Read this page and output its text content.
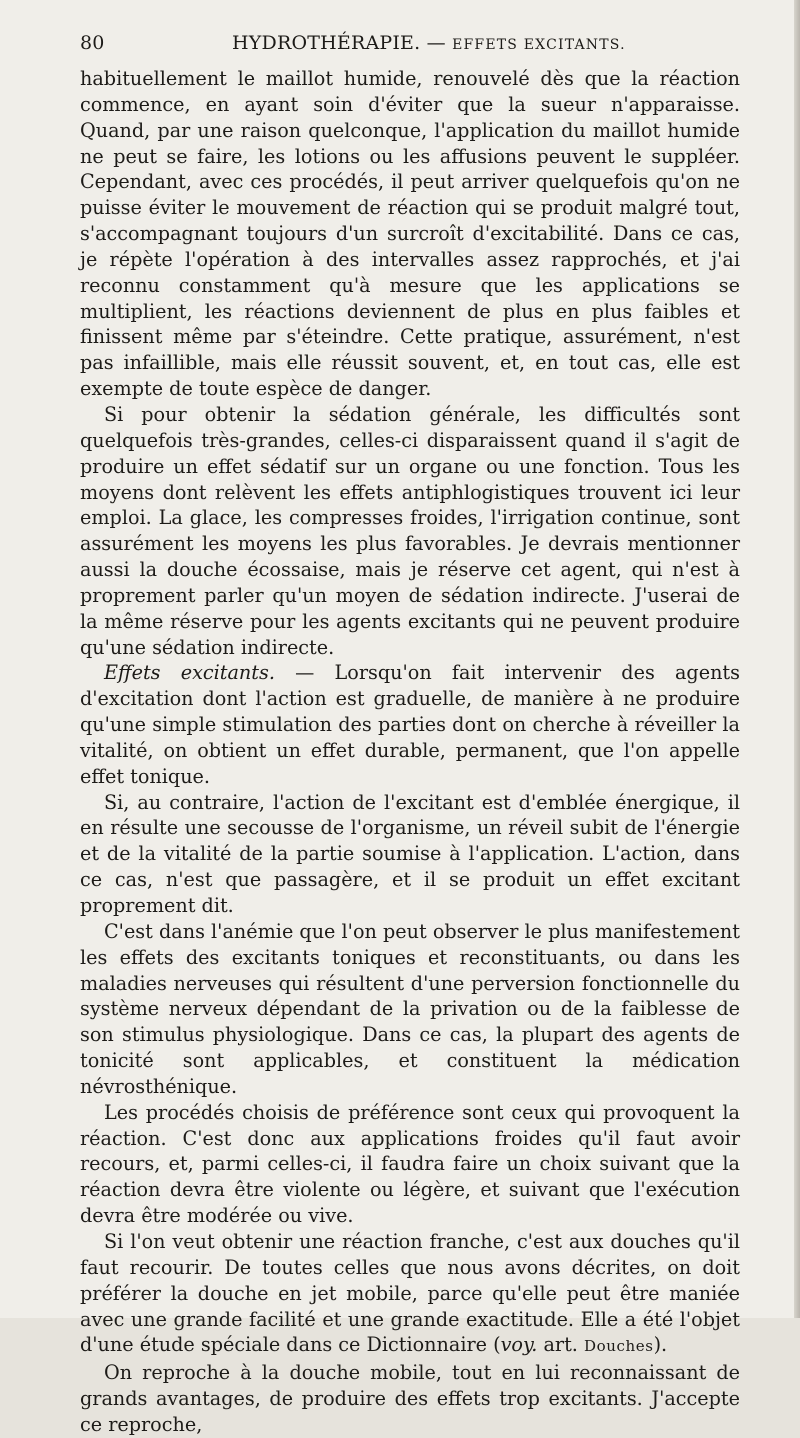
80	HYDROTHÉRAPIE. — EFFETS EXCITANTS.

habituellement le maillot humide, renouvelé dès que la réaction commence, en ayant soin d'éviter que la sueur n'apparaisse. Quand, par une raison quelconque, l'application du maillot humide ne peut se faire, les lotions ou les affusions peuvent le suppléer. Cependant, avec ces procédés, il peut arriver quelquefois qu'on ne puisse éviter le mouvement de réaction qui se produit malgré tout, s'accompagnant toujours d'un surcroît d'excitabilité. Dans ce cas, je répète l'opération à des intervalles assez rapprochés, et j'ai reconnu constamment qu'à mesure que les applications se multiplient, les réactions deviennent de plus en plus faibles et finissent même par s'éteindre. Cette pratique, assurément, n'est pas infaillible, mais elle réussit souvent, et, en tout cas, elle est exempte de toute espèce de danger.

Si pour obtenir la sédation générale, les difficultés sont quelquefois très-grandes, celles-ci disparaissent quand il s'agit de produire un effet sédatif sur un organe ou une fonction. Tous les moyens dont relèvent les effets antiphlogistiques trouvent ici leur emploi. La glace, les compresses froides, l'irrigation continue, sont assurément les moyens les plus favorables. Je devrais mentionner aussi la douche écossaise, mais je réserve cet agent, qui n'est à proprement parler qu'un moyen de sédation indirecte. J'userai de la même réserve pour les agents excitants qui ne peuvent produire qu'une sédation indirecte.

Effets excitants. — Lorsqu'on fait intervenir des agents d'excitation dont l'action est graduelle, de manière à ne produire qu'une simple stimulation des parties dont on cherche à réveiller la vitalité, on obtient un effet durable, permanent, que l'on appelle effet tonique.

Si, au contraire, l'action de l'excitant est d'emblée énergique, il en résulte une secousse de l'organisme, un réveil subit de l'énergie et de la vitalité de la partie soumise à l'application. L'action, dans ce cas, n'est que passagère, et il se produit un effet excitant proprement dit.

C'est dans l'anémie que l'on peut observer le plus manifestement les effets des excitants toniques et reconstituants, ou dans les maladies nerveuses qui résultent d'une perversion fonctionnelle du système nerveux dépendant de la privation ou de la faiblesse de son stimulus physiologique. Dans ce cas, la plupart des agents de tonicité sont applicables, et constituent la médication névrosthénique.

Les procédés choisis de préférence sont ceux qui provoquent la réaction. C'est donc aux applications froides qu'il faut avoir recours, et, parmi celles-ci, il faudra faire un choix suivant que la réaction devra être violente ou légère, et suivant que l'exécution devra être modérée ou vive.

Si l'on veut obtenir une réaction franche, c'est aux douches qu'il faut recourir. De toutes celles que nous avons décrites, on doit préférer la douche en jet mobile, parce qu'elle peut être maniée avec une grande facilité et une grande exactitude. Elle a été l'objet d'une étude spéciale dans ce Dictionnaire (voy. art. Douches).

On reproche à la douche mobile, tout en lui reconnaissant de grands avantages, de produire des effets trop excitants. J'accepte ce reproche,
